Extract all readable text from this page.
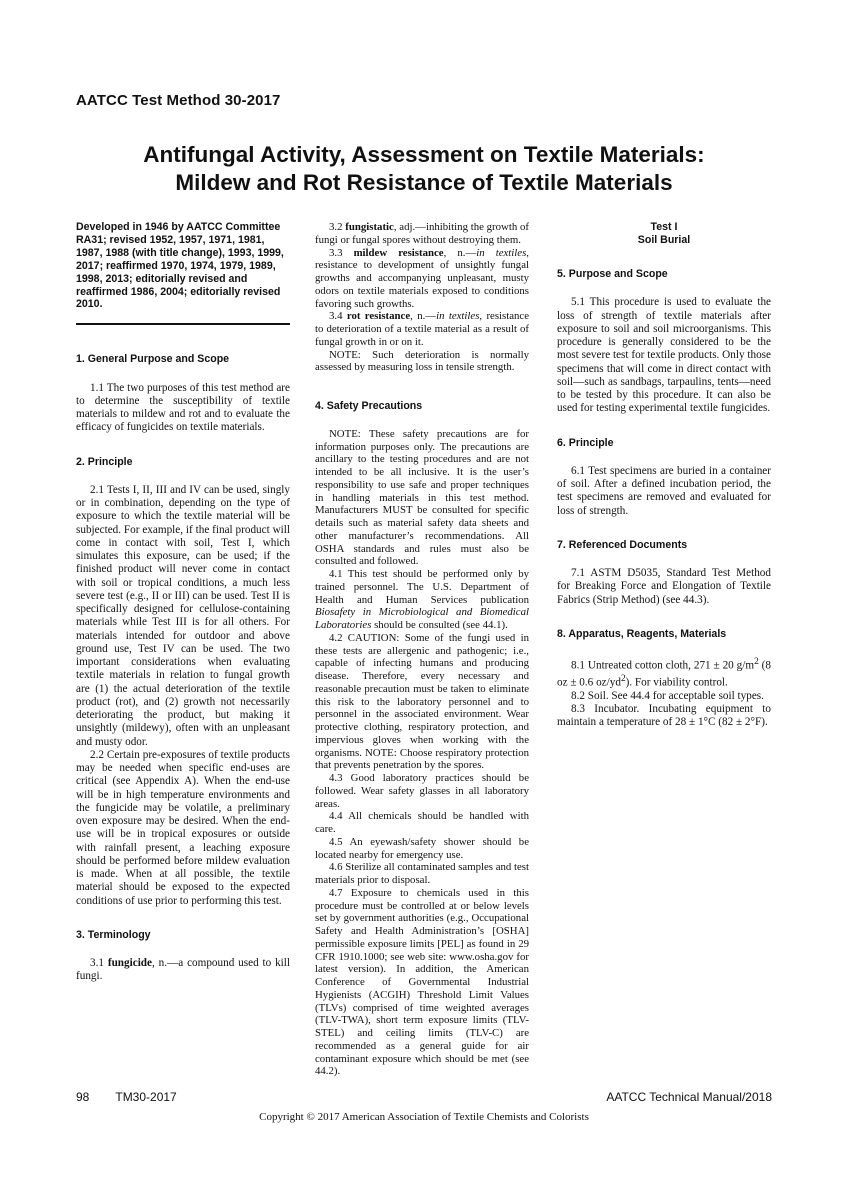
AATCC Test Method 30-2017
Antifungal Activity, Assessment on Textile Materials:
Mildew and Rot Resistance of Textile Materials
Developed in 1946 by AATCC Committee RA31; revised 1952, 1957, 1971, 1981, 1987, 1988 (with title change), 1993, 1999, 2017; reaffirmed 1970, 1974, 1979, 1989, 1998, 2013; editorially revised and reaffirmed 1986, 2004; editorially revised 2010.
1. General Purpose and Scope

1.1 The two purposes of this test method are to determine the susceptibility of textile materials to mildew and rot and to evaluate the efficacy of fungicides on textile materials.

2. Principle

2.1 Tests I, II, III and IV can be used, singly or in combination, depending on the type of exposure to which the textile material will be subjected. For example, if the final product will come in contact with soil, Test I, which simulates this exposure, can be used; if the finished product will never come in contact with soil or tropical conditions, a much less severe test (e.g., II or III) can be used. Test II is specifically designed for cellulose-containing materials while Test III is for all others. For materials intended for outdoor and above ground use, Test IV can be used. The two important considerations when evaluating textile materials in relation to fungal growth are (1) the actual deterioration of the textile product (rot), and (2) growth not necessarily deteriorating the product, but making it unsightly (mildewy), often with an unpleasant and musty odor.

2.2 Certain pre-exposures of textile products may be needed when specific end-uses are critical (see Appendix A). When the end-use will be in high temperature environments and the fungicide may be volatile, a preliminary oven exposure may be desired. When the end-use will be in tropical exposures or outside with rainfall present, a leaching exposure should be performed before mildew evaluation is made. When at all possible, the textile material should be exposed to the expected conditions of use prior to performing this test.

3. Terminology

3.1 fungicide, n.—a compound used to kill fungi.

3.2 fungistatic, adj.—inhibiting the growth of fungi or fungal spores without destroying them.

3.3 mildew resistance, n.—in textiles, resistance to development of unsightly fungal growths and accompanying unpleasant, musty odors on textile materials exposed to conditions favoring such growths.

3.4 rot resistance, n.—in textiles, resistance to deterioration of a textile material as a result of fungal growth in or on it.

NOTE: Such deterioration is normally assessed by measuring loss in tensile strength.

4. Safety Precautions

NOTE: These safety precautions are for information purposes only. The precautions are ancillary to the testing procedures and are not intended to be all inclusive. It is the user’s responsibility to use safe and proper techniques in handling materials in this test method. Manufacturers MUST be consulted for specific details such as material safety data sheets and other manufacturer’s recommendations. All OSHA standards and rules must also be consulted and followed.

4.1 This test should be performed only by trained personnel. The U.S. Department of Health and Human Services publication Biosafety in Microbiological and Biomedical Laboratories should be consulted (see 44.1).

4.2 CAUTION: Some of the fungi used in these tests are allergenic and pathogenic; i.e., capable of infecting humans and producing disease. Therefore, every necessary and reasonable precaution must be taken to eliminate this risk to the laboratory personnel and to personnel in the associated environment. Wear protective clothing, respiratory protection, and impervious gloves when working with the organisms. NOTE: Choose respiratory protection that prevents penetration by the spores.

4.3 Good laboratory practices should be followed. Wear safety glasses in all laboratory areas.

4.4 All chemicals should be handled with care.

4.5 An eyewash/safety shower should be located nearby for emergency use.

4.6 Sterilize all contaminated samples and test materials prior to disposal.

4.7 Exposure to chemicals used in this procedure must be controlled at or below levels set by government authorities (e.g., Occupational Safety and Health Administration’s [OSHA] permissible exposure limits [PEL] as found in 29 CFR 1910.1000; see web site: www.osha.gov for latest version). In addition, the American Conference of Governmental Industrial Hygienists (ACGIH) Threshold Limit Values (TLVs) comprised of time weighted averages (TLV-TWA), short term exposure limits (TLV-STEL) and ceiling limits (TLV-C) are recommended as a general guide for air contaminant exposure which should be met (see 44.2).

Test I
Soil Burial
5. Purpose and Scope

5.1 This procedure is used to evaluate the loss of strength of textile materials after exposure to soil and soil microorganisms. This procedure is generally considered to be the most severe test for textile products. Only those specimens that will come in direct contact with soil—such as sandbags, tarpaulins, tents—need to be tested by this procedure. It can also be used for testing experimental textile fungicides.

6. Principle

6.1 Test specimens are buried in a container of soil. After a defined incubation period, the test specimens are removed and evaluated for loss of strength.

7. Referenced Documents

7.1 ASTM D5035, Standard Test Method for Breaking Force and Elongation of Textile Fabrics (Strip Method) (see 44.3).

8. Apparatus, Reagents, Materials

8.1 Untreated cotton cloth, 271 ± 20 $g/m^2$ (8 oz ± 0.6 $oz/yd^2$). For viability control.

8.2 Soil. See 44.4 for acceptable soil types.

8.3 Incubator. Incubating equipment to maintain a temperature of 28 ± 1°C (82 ± 2°F).

98 TM30-2017	AATCC Technical Manual/2018
Copyright © 2017 American Association of Textile Chemists and Colorists
